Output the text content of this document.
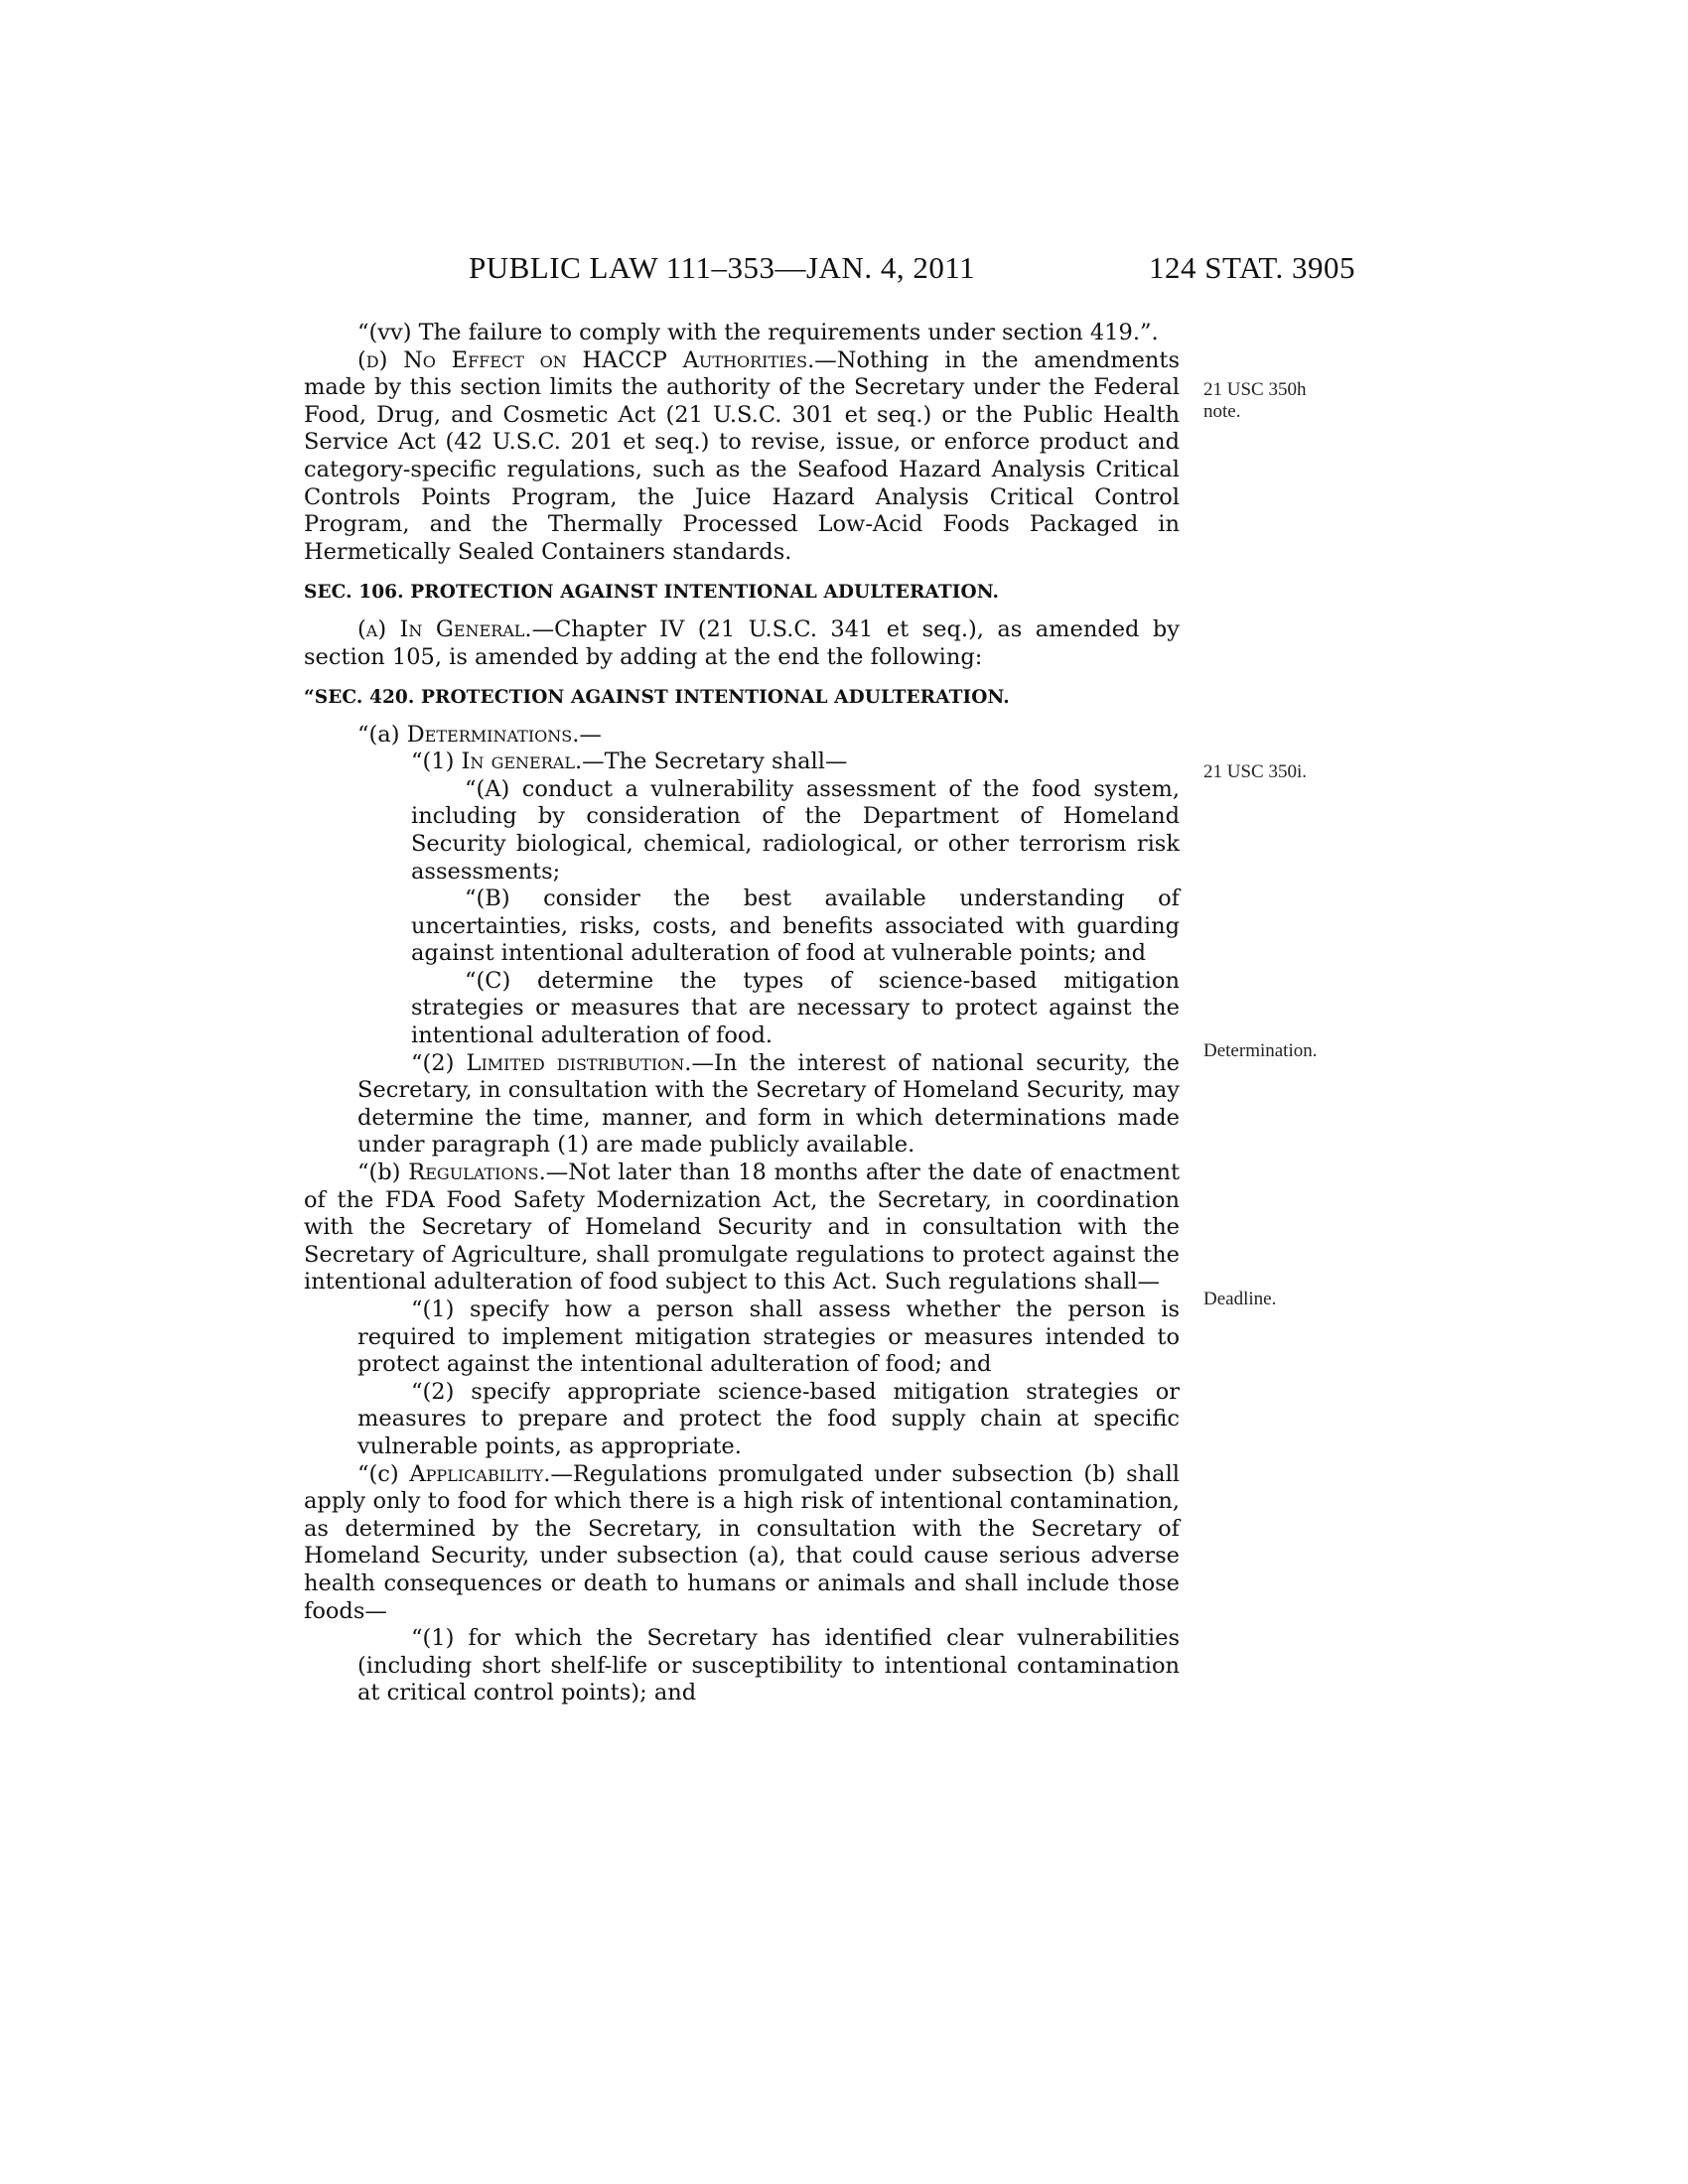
PUBLIC LAW 111–353—JAN. 4, 2011	124 STAT. 3905
21 USC 350h
note.
21 USC 350i.
Determination.
Deadline.

“(vv) The failure to comply with the requirements under section 419.”.

(d) No Effect on HACCP Authorities.—Nothing in the amendments made by this section limits the authority of the Secretary under the Federal Food, Drug, and Cosmetic Act (21 U.S.C. 301 et seq.) or the Public Health Service Act (42 U.S.C. 201 et seq.) to revise, issue, or enforce product and category-specific regulations, such as the Seafood Hazard Analysis Critical Controls Points Program, the Juice Hazard Analysis Critical Control Program, and the Thermally Processed Low-Acid Foods Packaged in Hermetically Sealed Containers standards.

SEC. 106. PROTECTION AGAINST INTENTIONAL ADULTERATION.

(a) In General.—Chapter IV (21 U.S.C. 341 et seq.), as amended by section 105, is amended by adding at the end the following:

“SEC. 420. PROTECTION AGAINST INTENTIONAL ADULTERATION.

“(a) Determinations.—

“(1) In general.—The Secretary shall—

“(A) conduct a vulnerability assessment of the food system, including by consideration of the Department of Homeland Security biological, chemical, radiological, or other terrorism risk assessments;

“(B) consider the best available understanding of uncertainties, risks, costs, and benefits associated with guarding against intentional adulteration of food at vulnerable points; and

“(C) determine the types of science-based mitigation strategies or measures that are necessary to protect against the intentional adulteration of food.

“(2) Limited distribution.—In the interest of national security, the Secretary, in consultation with the Secretary of Homeland Security, may determine the time, manner, and form in which determinations made under paragraph (1) are made publicly available.

“(b) Regulations.—Not later than 18 months after the date of enactment of the FDA Food Safety Modernization Act, the Secretary, in coordination with the Secretary of Homeland Security and in consultation with the Secretary of Agriculture, shall promulgate regulations to protect against the intentional adulteration of food subject to this Act. Such regulations shall—

“(1) specify how a person shall assess whether the person is required to implement mitigation strategies or measures intended to protect against the intentional adulteration of food; and

“(2) specify appropriate science-based mitigation strategies or measures to prepare and protect the food supply chain at specific vulnerable points, as appropriate.

“(c) Applicability.—Regulations promulgated under subsection (b) shall apply only to food for which there is a high risk of intentional contamination, as determined by the Secretary, in consultation with the Secretary of Homeland Security, under subsection (a), that could cause serious adverse health consequences or death to humans or animals and shall include those foods—

“(1) for which the Secretary has identified clear vulnerabilities (including short shelf-life or susceptibility to intentional contamination at critical control points); and
